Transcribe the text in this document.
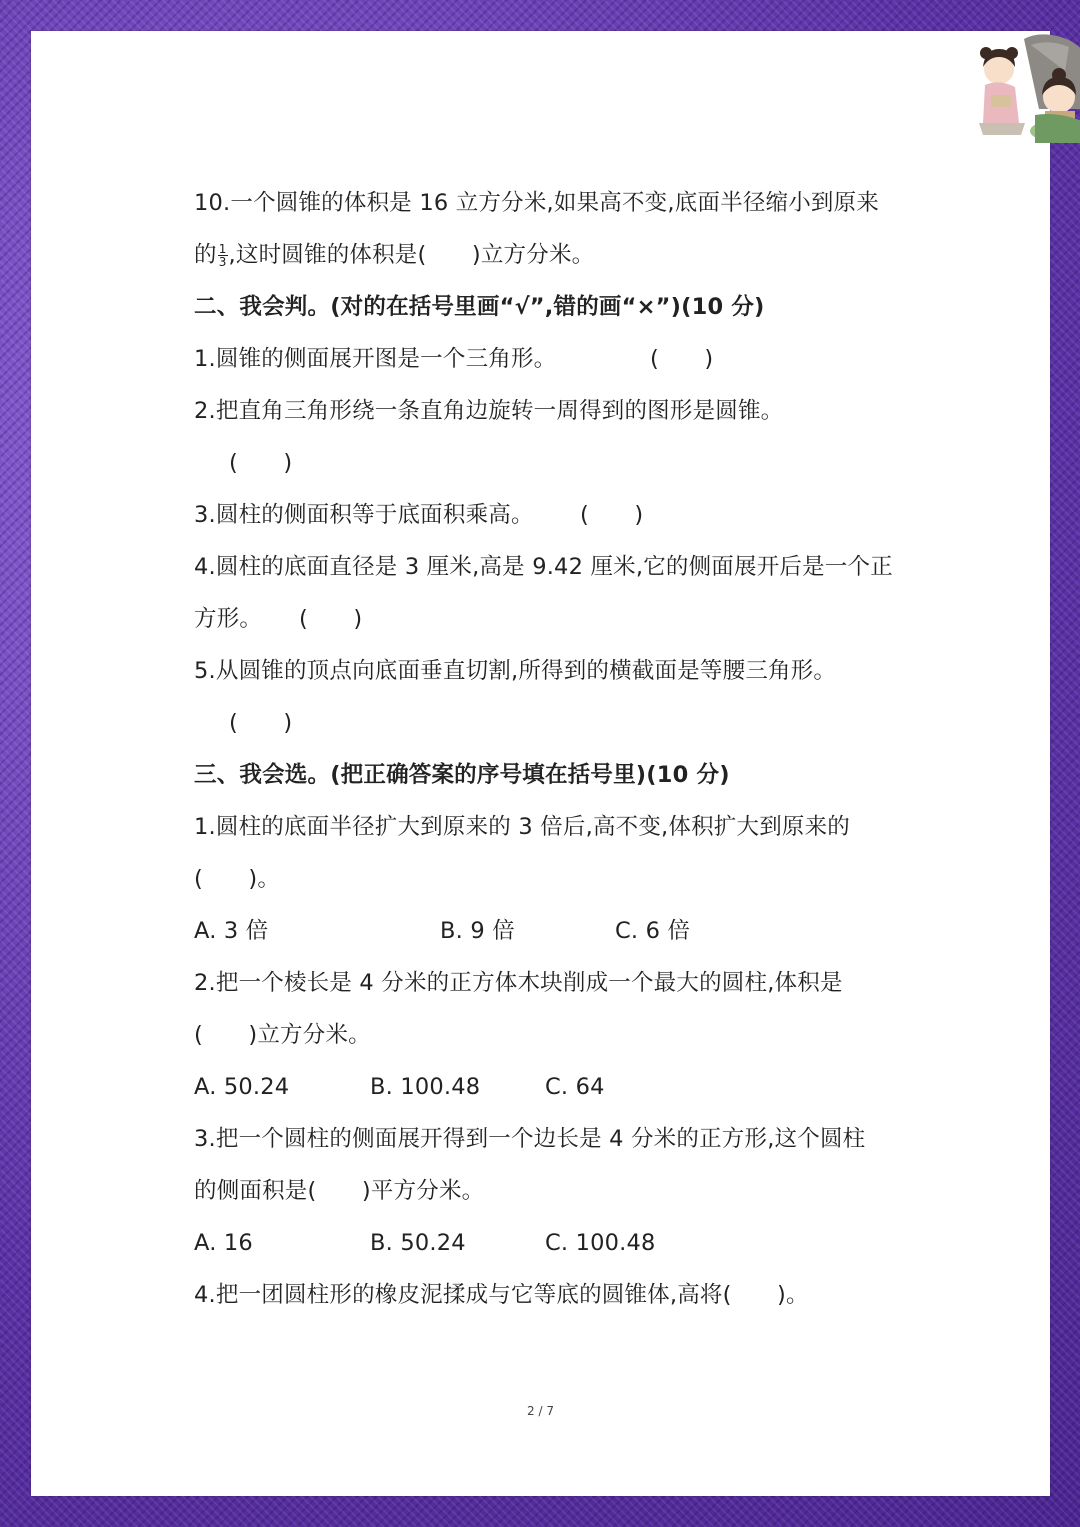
10.一个圆锥的体积是 16 立方分米,如果高不变,底面半径缩小到原来
的 $\frac{1}{3}$ ,这时圆锥的体积是(　　)立方分米。
二、我会判。(对的在括号里画“√”,错的画“×”)(10 分)
1.圆锥的侧面展开图是一个三角形。	(　　)
2.把直角三角形绕一条直角边旋转一周得到的图形是圆锥。
(　　)
3.圆柱的侧面积等于底面积乘高。 (　　)
4.圆柱的底面直径是 3 厘米,高是 9.42 厘米,它的侧面展开后是一个正
方形。 (　　)
5.从圆锥的顶点向底面垂直切割,所得到的横截面是等腰三角形。
(　　)
三、我会选。(把正确答案的序号填在括号里)(10 分)
1.圆柱的底面半径扩大到原来的 3 倍后,高不变,体积扩大到原来的
(　　)。
A. 3 倍	B. 9 倍	C. 6 倍
2.把一个棱长是 4 分米的正方体木块削成一个最大的圆柱,体积是
(　　)立方分米。
A. 50.24	B. 100.48	C. 64
3.把一个圆柱的侧面展开得到一个边长是 4 分米的正方形,这个圆柱
的侧面积是(　　)平方分米。
A. 16	B. 50.24	C. 100.48
4.把一团圆柱形的橡皮泥揉成与它等底的圆锥体,高将(　　)。
2 / 7
